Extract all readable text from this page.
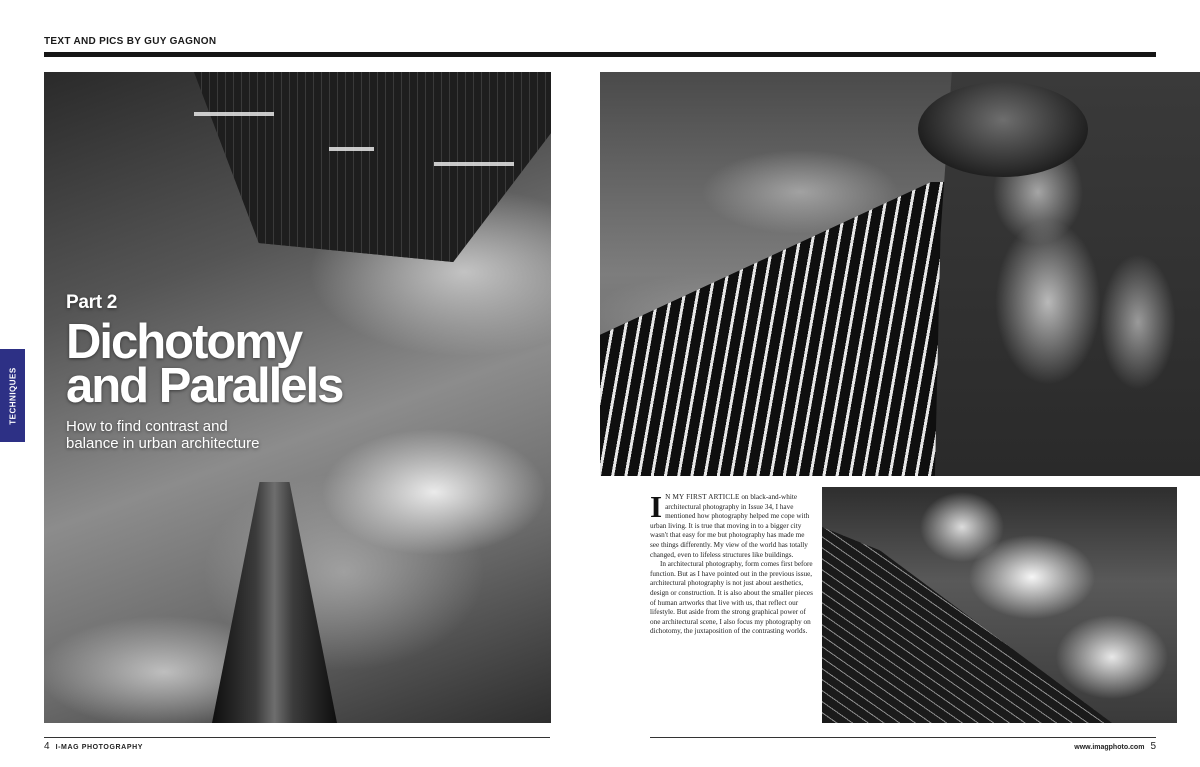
TEXT AND PICS BY GUY GAGNON
TECHNIQUES
Part 2
Dichotomy
and Parallels
How to find contrast and
balance in urban architecture

I N MY FIRST ARTICLE on black-and-white architectural photography in Issue 34, I have mentioned how photography helped me cope with urban living. It is true that moving in to a bigger city wasn't that easy for me but photography has made me see things differently. My view of the world has totally changed, even to lifeless structures like buildings.

In architectural photography, form comes first before function. But as I have pointed out in the previous issue, architectural photography is not just about aesthetics, design or construction. It is also about the smaller pieces of human artworks that live with us, that reflect our lifestyle. But aside from the strong graphical power of one architectural scene, I also focus my photography on dichotomy, the juxtaposition of the contrasting worlds.

4 I-MAG PHOTOGRAPHY	www.imagphoto.com 5
